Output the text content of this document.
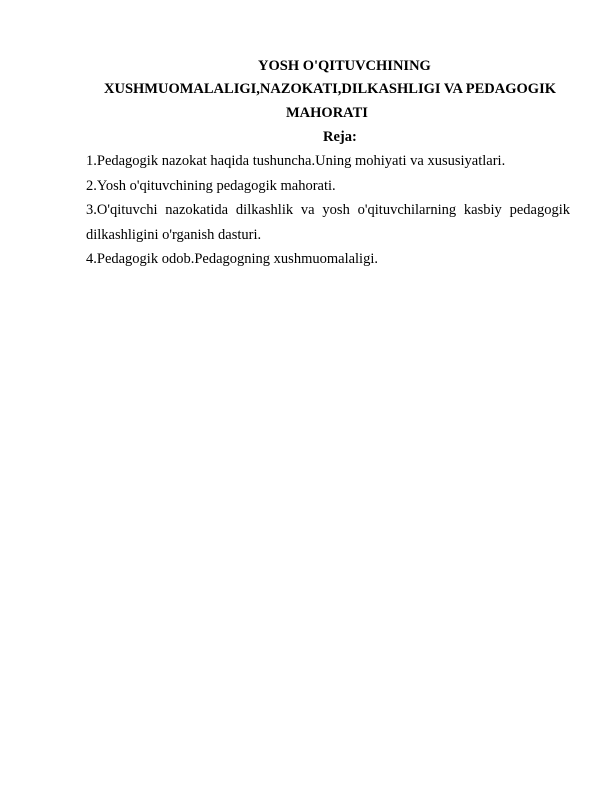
YOSH O'QITUVCHINING
XUSHMUOMALALIGI,NAZOKATI,DILKASHLIGI VA PEDAGOGIK
MAHORATI
Reja:
1.Pedagogik nazokat haqida tushuncha.Uning mohiyati va xususiyatlari.
2.Yosh o'qituvchining pedagogik mahorati.
3.O'qituvchi nazokatida dilkashlik va yosh o'qituvchilarning kasbiy pedagogik
dilkashligini o'rganish dasturi.
4.Pedagogik odob.Pedagogning xushmuomalaligi.
